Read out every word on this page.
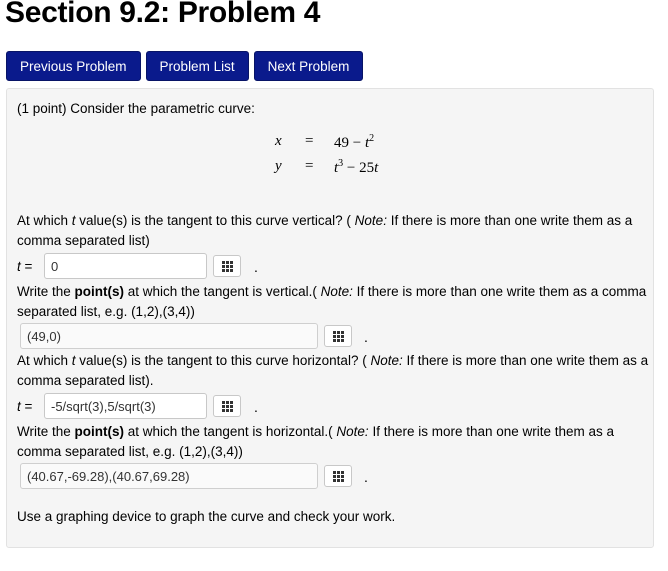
Section 9.2: Problem 4
Previous Problem	Problem List	Next Problem

(1 point) Consider the parametric curve:

$x = 49 - t^2$
$y = t^3 - 25t$

At which t value(s) is the tangent to this curve vertical? ( Note: If there is more than one write them as a comma separated list)

t =
0	.

Write the point(s) at which the tangent is vertical.( Note: If there is more than one write them as a comma separated list, e.g. (1,2),(3,4))

(49,0)
.

At which t value(s) is the tangent to this curve horizontal? ( Note: If there is more than one write them as a comma separated list).

t =
-5/sqrt(3),5/sqrt(3)	.

Write the point(s) at which the tangent is horizontal.( Note: If there is more than one write them as a comma separated list, e.g. (1,2),(3,4))

(40.67,-69.28),(40.67,69.28)
.

Use a graphing device to graph the curve and check your work.
